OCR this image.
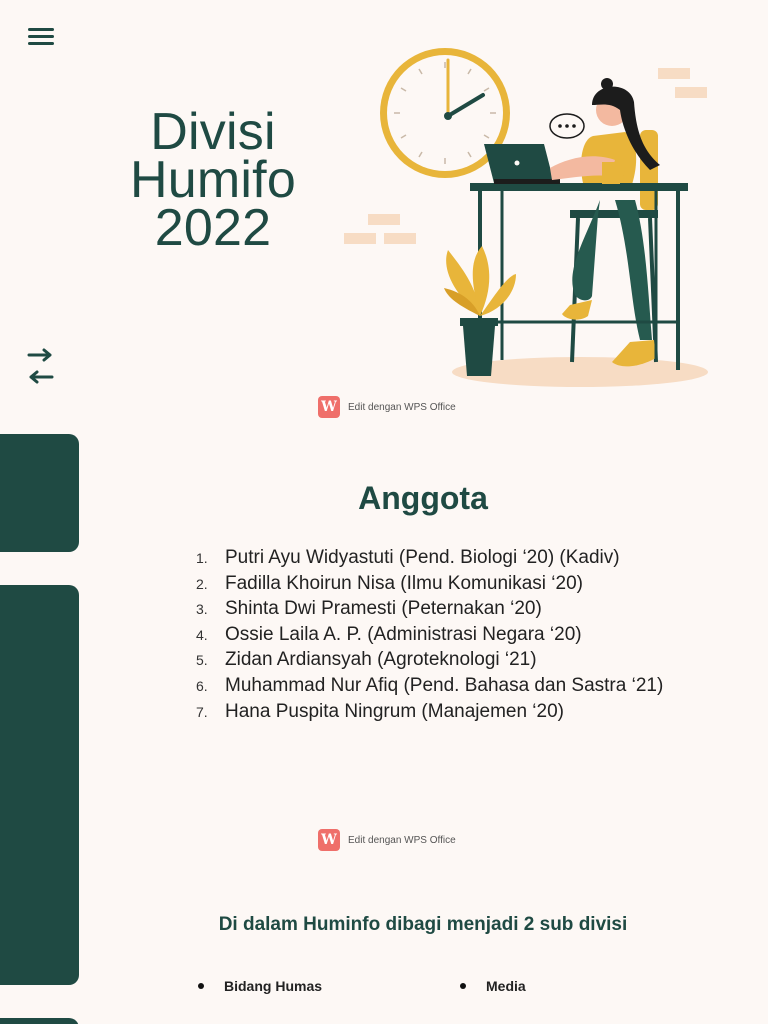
Divisi
Humifo
2022
W	Edit dengan WPS Office
Anggota
1. Putri Ayu Widyastuti (Pend. Biologi ‘20) (Kadiv)
2. Fadilla Khoirun Nisa (Ilmu Komunikasi ‘20)
3. Shinta Dwi Pramesti (Peternakan ‘20)
4. Ossie Laila A. P. (Administrasi Negara ‘20)
5. Zidan Ardiansyah (Agroteknologi ‘21)
6. Muhammad Nur Afiq (Pend. Bahasa dan Sastra ‘21)
7. Hana Puspita Ningrum (Manajemen ‘20)
W	Edit dengan WPS Office
Di dalam Huminfo dibagi menjadi 2 sub divisi
Bidang Humas	Media
